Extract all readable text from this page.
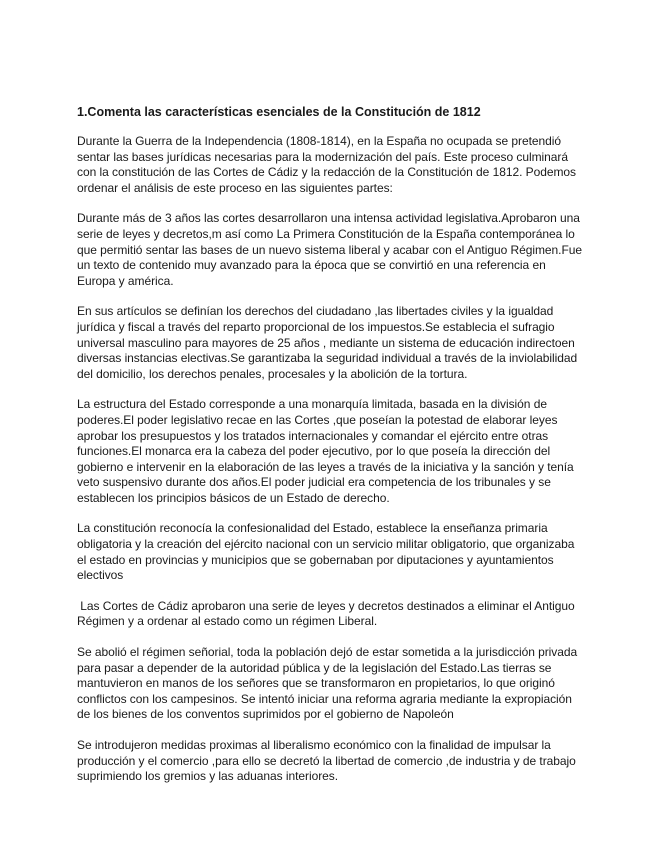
1.Comenta las características esenciales de la Constitución de 1812

Durante la Guerra de la Independencia (1808-1814), en la España no ocupada se pretendió sentar las bases jurídicas necesarias para la modernización del país. Este proceso culminará con la constitución de las Cortes de Cádiz y la redacción de la Constitución de 1812. Podemos ordenar el análisis de este proceso en las siguientes partes:

Durante más de 3 años las cortes desarrollaron una intensa actividad legislativa.Aprobaron una serie de leyes y decretos,m así como La Primera Constitución de la España contemporánea lo que permitió sentar las bases de un nuevo sistema liberal y acabar con el Antiguo Régimen.Fue un texto de contenido muy avanzado para la época que se convirtió en una referencia en Europa y américa.

En sus artículos se definían los derechos del ciudadano ,las libertades civiles y la igualdad jurídica y fiscal a través del reparto proporcional de los impuestos.Se establecia el sufragio universal masculino para mayores de 25 años , mediante un sistema de educación indirectoen diversas instancias electivas.Se garantizaba la seguridad individual a través de la inviolabilidad del domicilio, los derechos penales, procesales y la abolición de la tortura.

La estructura del Estado corresponde a una monarquía limitada, basada en la división de poderes.El poder legislativo recae en las Cortes ,que poseían la potestad de elaborar leyes aprobar los presupuestos y los tratados internacionales y comandar el ejército entre otras funciones.El monarca era la cabeza del poder ejecutivo, por lo que poseía la dirección del gobierno e intervenir en la elaboración de las leyes a través de la iniciativa y la sanción y tenía veto suspensivo durante dos años.El poder judicial era competencia de los tribunales y se establecen los principios básicos de un Estado de derecho.

La constitución reconocía la confesionalidad del Estado, establece la enseñanza primaria obligatoria y la creación del ejército nacional con un servicio militar obligatorio, que organizaba el estado en provincias y municipios que se gobernaban por diputaciones y ayuntamientos electivos

Las Cortes de Cádiz aprobaron una serie de leyes y decretos destinados a eliminar el Antiguo Régimen y a ordenar al estado como un régimen Liberal.

Se abolió el régimen señorial, toda la población dejó de estar sometida a la jurisdicción privada para pasar a depender de la autoridad pública y de la legislación del Estado.Las tierras se mantuvieron en manos de los señores que se transformaron en propietarios, lo que originó conflictos con los campesinos. Se intentó iniciar una reforma agraria mediante la expropiación de los bienes de los conventos suprimidos por el gobierno de Napoleón

Se introdujeron medidas proximas al liberalismo económico con la finalidad de impulsar la producción y el comercio ,para ello se decretó la libertad de comercio ,de industria y de trabajo suprimiendo los gremios y las aduanas interiores.
